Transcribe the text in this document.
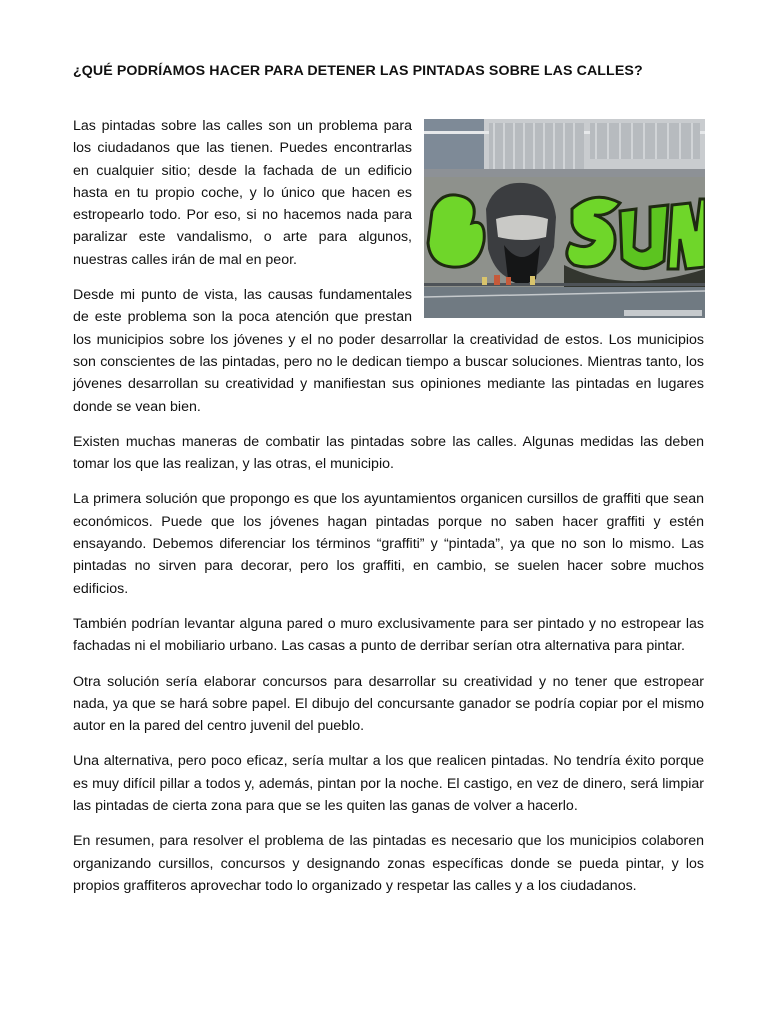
¿QUÉ PODRÍAMOS HACER PARA DETENER LAS PINTADAS SOBRE LAS CALLES?

Las pintadas sobre las calles son un problema para los ciudadanos que las tienen. Puedes encontrarlas en cualquier sitio; desde la fachada de un edificio hasta en tu propio coche, y lo único que hacen es estropearlo todo. Por eso, si no hacemos nada para paralizar este vandalismo, o arte para algunos, nuestras calles irán de mal en peor.

Desde mi punto de vista, las causas fundamentales de este problema son la poca atención que prestan los municipios sobre los jóvenes y el no poder desarrollar la creatividad de estos. Los municipios son conscientes de las pintadas, pero no le dedican tiempo a buscar soluciones. Mientras tanto, los jóvenes desarrollan su creatividad y manifiestan sus opiniones mediante las pintadas en lugares donde se vean bien.

Existen muchas maneras de combatir las pintadas sobre las calles. Algunas medidas las deben tomar los que las realizan, y las otras, el municipio.

La primera solución que propongo es que los ayuntamientos organicen cursillos de graffiti que sean económicos. Puede que los jóvenes hagan pintadas porque no saben hacer graffiti y estén ensayando. Debemos diferenciar los términos “graffiti” y “pintada”, ya que no son lo mismo. Las pintadas no sirven para decorar, pero los graffiti, en cambio, se suelen hacer sobre muchos edificios.

También podrían levantar alguna pared o muro exclusivamente para ser pintado y no estropear las fachadas ni el mobiliario urbano. Las casas a punto de derribar serían otra alternativa para pintar.

Otra solución sería elaborar concursos para desarrollar su creatividad y no tener que estropear nada, ya que se hará sobre papel. El dibujo del concursante ganador se podría copiar por el mismo autor en la pared del centro juvenil del pueblo.

Una alternativa, pero poco eficaz, sería multar a los que realicen pintadas. No tendría éxito porque es muy difícil pillar a todos y, además, pintan por la noche. El castigo, en vez de dinero, será limpiar las pintadas de cierta zona para que se les quiten las ganas de volver a hacerlo.

En resumen, para resolver el problema de las pintadas es necesario que los municipios colaboren organizando cursillos, concursos y designando zonas específicas donde se pueda pintar, y los propios graffiteros aprovechar todo lo organizado y respetar las calles y a los ciudadanos.
